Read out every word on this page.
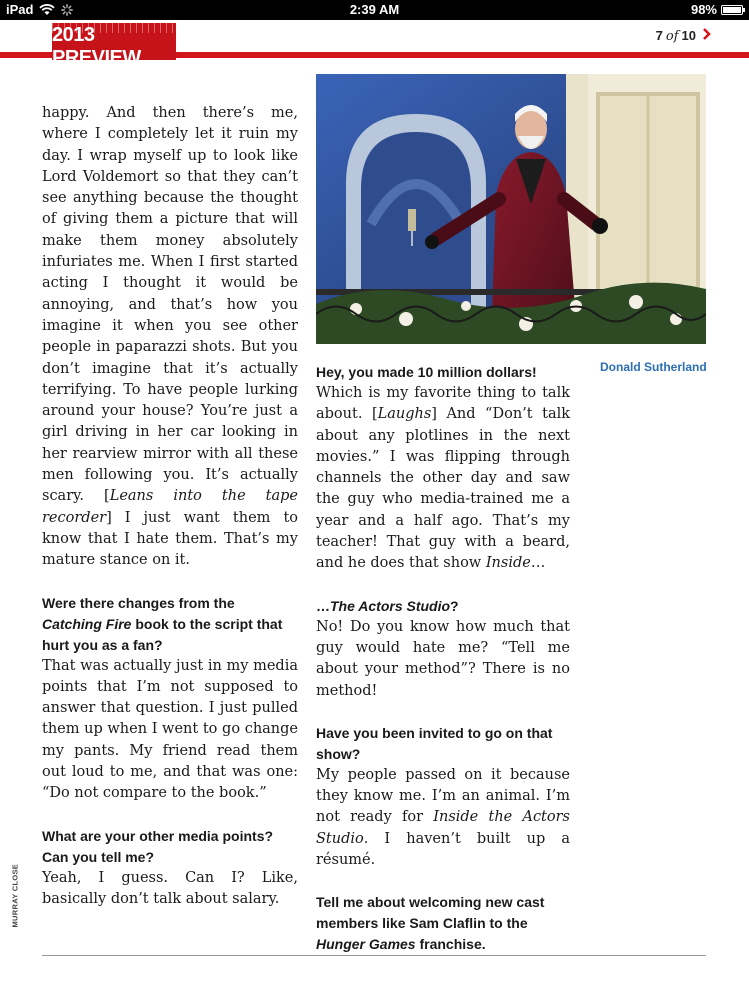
iPad	2:39 AM	98%
2013 PREVIEW
7 of 10

happy. And then there’s me, where I completely let it ruin my day. I wrap myself up to look like Lord Voldemort so that they can’t see anything because the thought of giving them a picture that will make them money absolutely infuriates me. When I first started acting I thought it would be annoying, and that’s how you imagine it when you see other people in paparazzi shots. But you don’t imagine that it’s actually terrifying. To have people lurking around your house? You’re just a girl driving in her car looking in her rearview mirror with all these men following you. It’s actually scary. [Leans into the tape recorder] I just want them to know that I hate them. That’s my mature stance on it.

Were there changes from the Catching Fire book to the script that hurt you as a fan?

That was actually just in my media points that I’m not supposed to answer that question. I just pulled them up when I went to go change my pants. My friend read them out loud to me, and that was one: “Do not compare to the book.”

What are your other media points? Can you tell me?

Yeah, I guess. Can I? Like, basically don’t talk about salary.

Donald Sutherland
Hey, you made 10 million dollars!

Which is my favorite thing to talk about. [Laughs] And “Don’t talk about any plotlines in the next movies.” I was flipping through channels the other day and saw the guy who media-trained me a year and a half ago. That’s my teacher! That guy with a beard, and he does that show Inside…

…The Actors Studio?

No! Do you know how much that guy would hate me? “Tell me about your method”? There is no method!

Have you been invited to go on that show?

My people passed on it because they know me. I’m an animal. I’m not ready for Inside the Actors Studio. I haven’t built up a résumé.

Tell me about welcoming new cast members like Sam Claflin to the Hunger Games franchise.
MURRAY CLOSE
